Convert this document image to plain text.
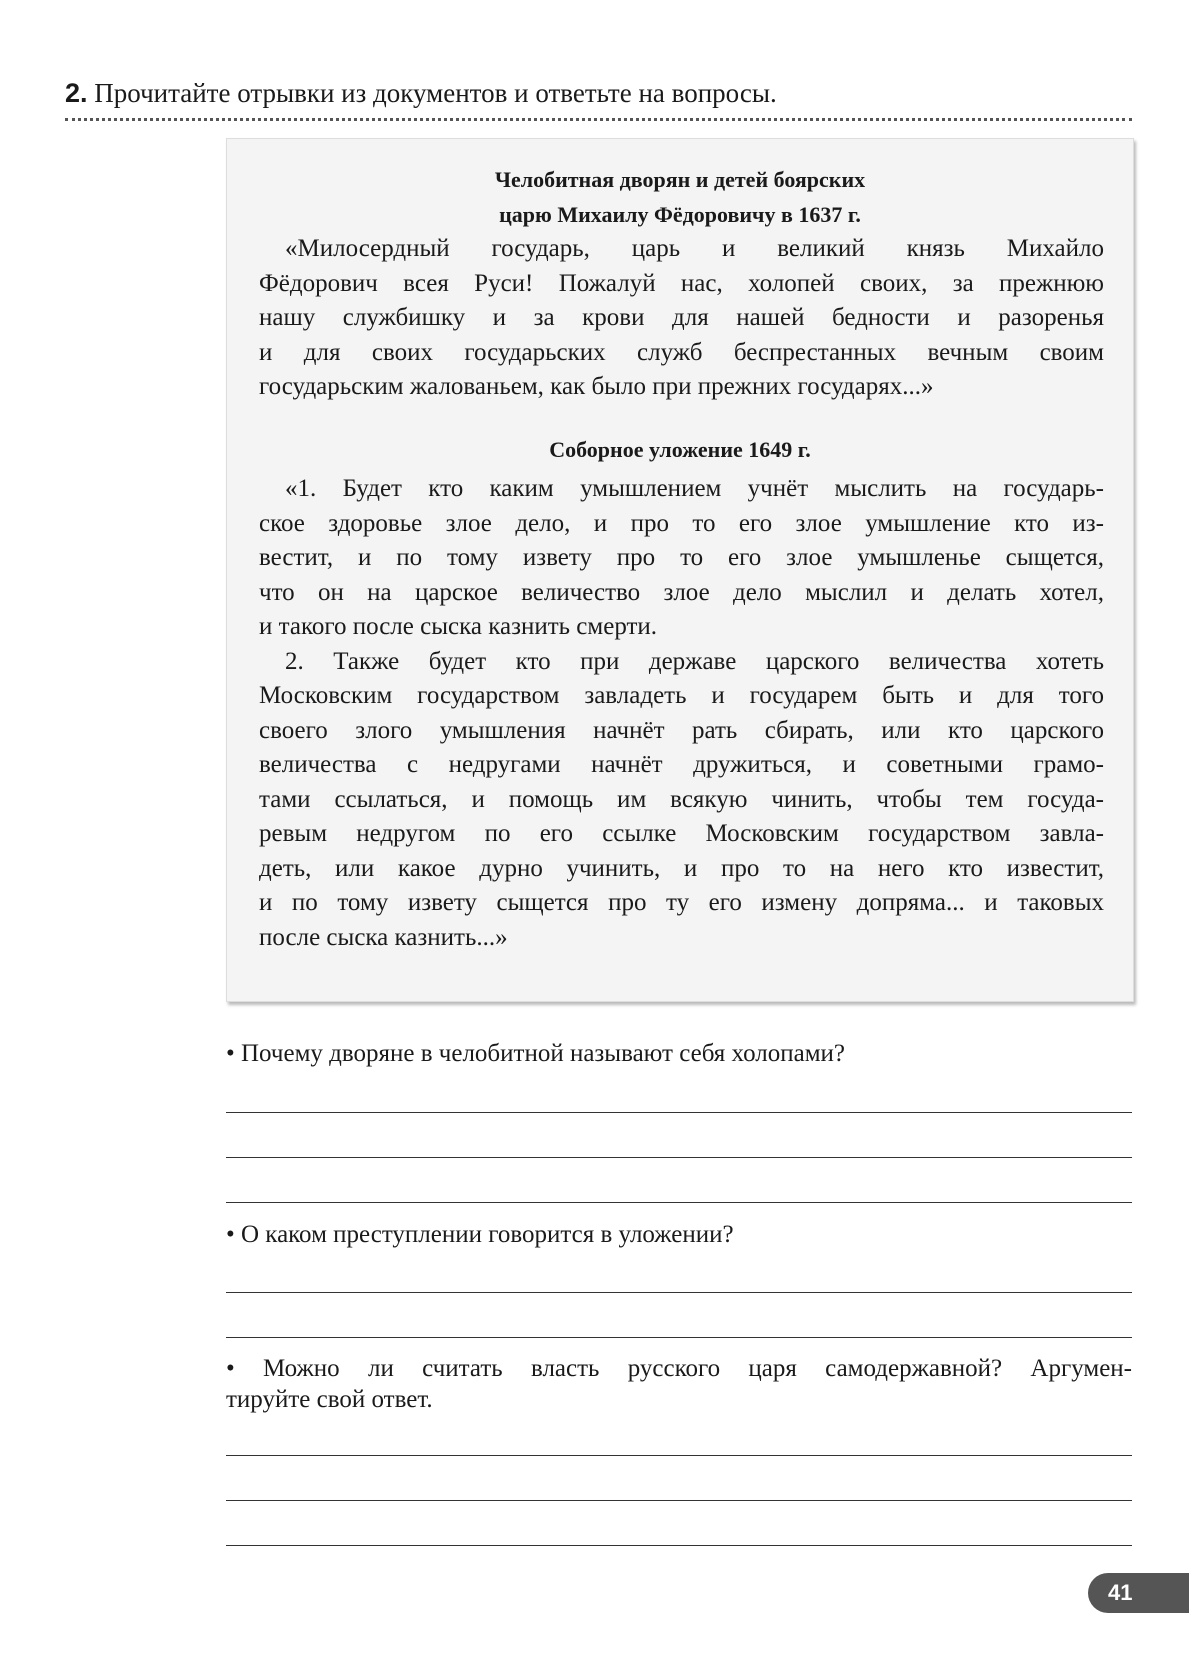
2. Прочитайте отрывки из документов и ответьте на вопросы.
Челобитная дворян и детей боярских
царю Михаилу Фёдоровичу в 1637 г.
«Милосердный государь, царь и великий князь Михайло
Фёдорович всея Руси! Пожалуй нас, холопей своих, за прежнюю
нашу службишку и за крови для нашей бедности и разоренья
и для своих государьских служб беспрестанных вечным своим
государьским жалованьем, как было при прежних государях...»
Соборное уложение 1649 г.
«1. Будет кто каким умышлением учнёт мыслить на государь-
ское здоровье злое дело, и про то его злое умышление кто из-
вестит, и по тому извету про то его злое умышленье сыщется,
что он на царское величество злое дело мыслил и делать хотел,
и такого после сыска казнить смерти.
2. Также будет кто при державе царского величества хотеть
Московским государством завладеть и государем быть и для того
своего злого умышления начнёт рать сбирать, или кто царского
величества с недругами начнёт дружиться, и советными грамо-
тами ссылаться, и помощь им всякую чинить, чтобы тем госуда-
ревым недругом по его ссылке Московским государством завла-
деть, или какое дурно учинить, и про то на него кто известит,
и по тому извету сыщется про ту его измену допряма... и таковых
после сыска казнить...»
• Почему дворяне в челобитной называют себя холопами?
• О каком преступлении говорится в уложении?
• Можно ли считать власть русского царя самодержавной? Аргумен-
тируйте свой ответ.
41
